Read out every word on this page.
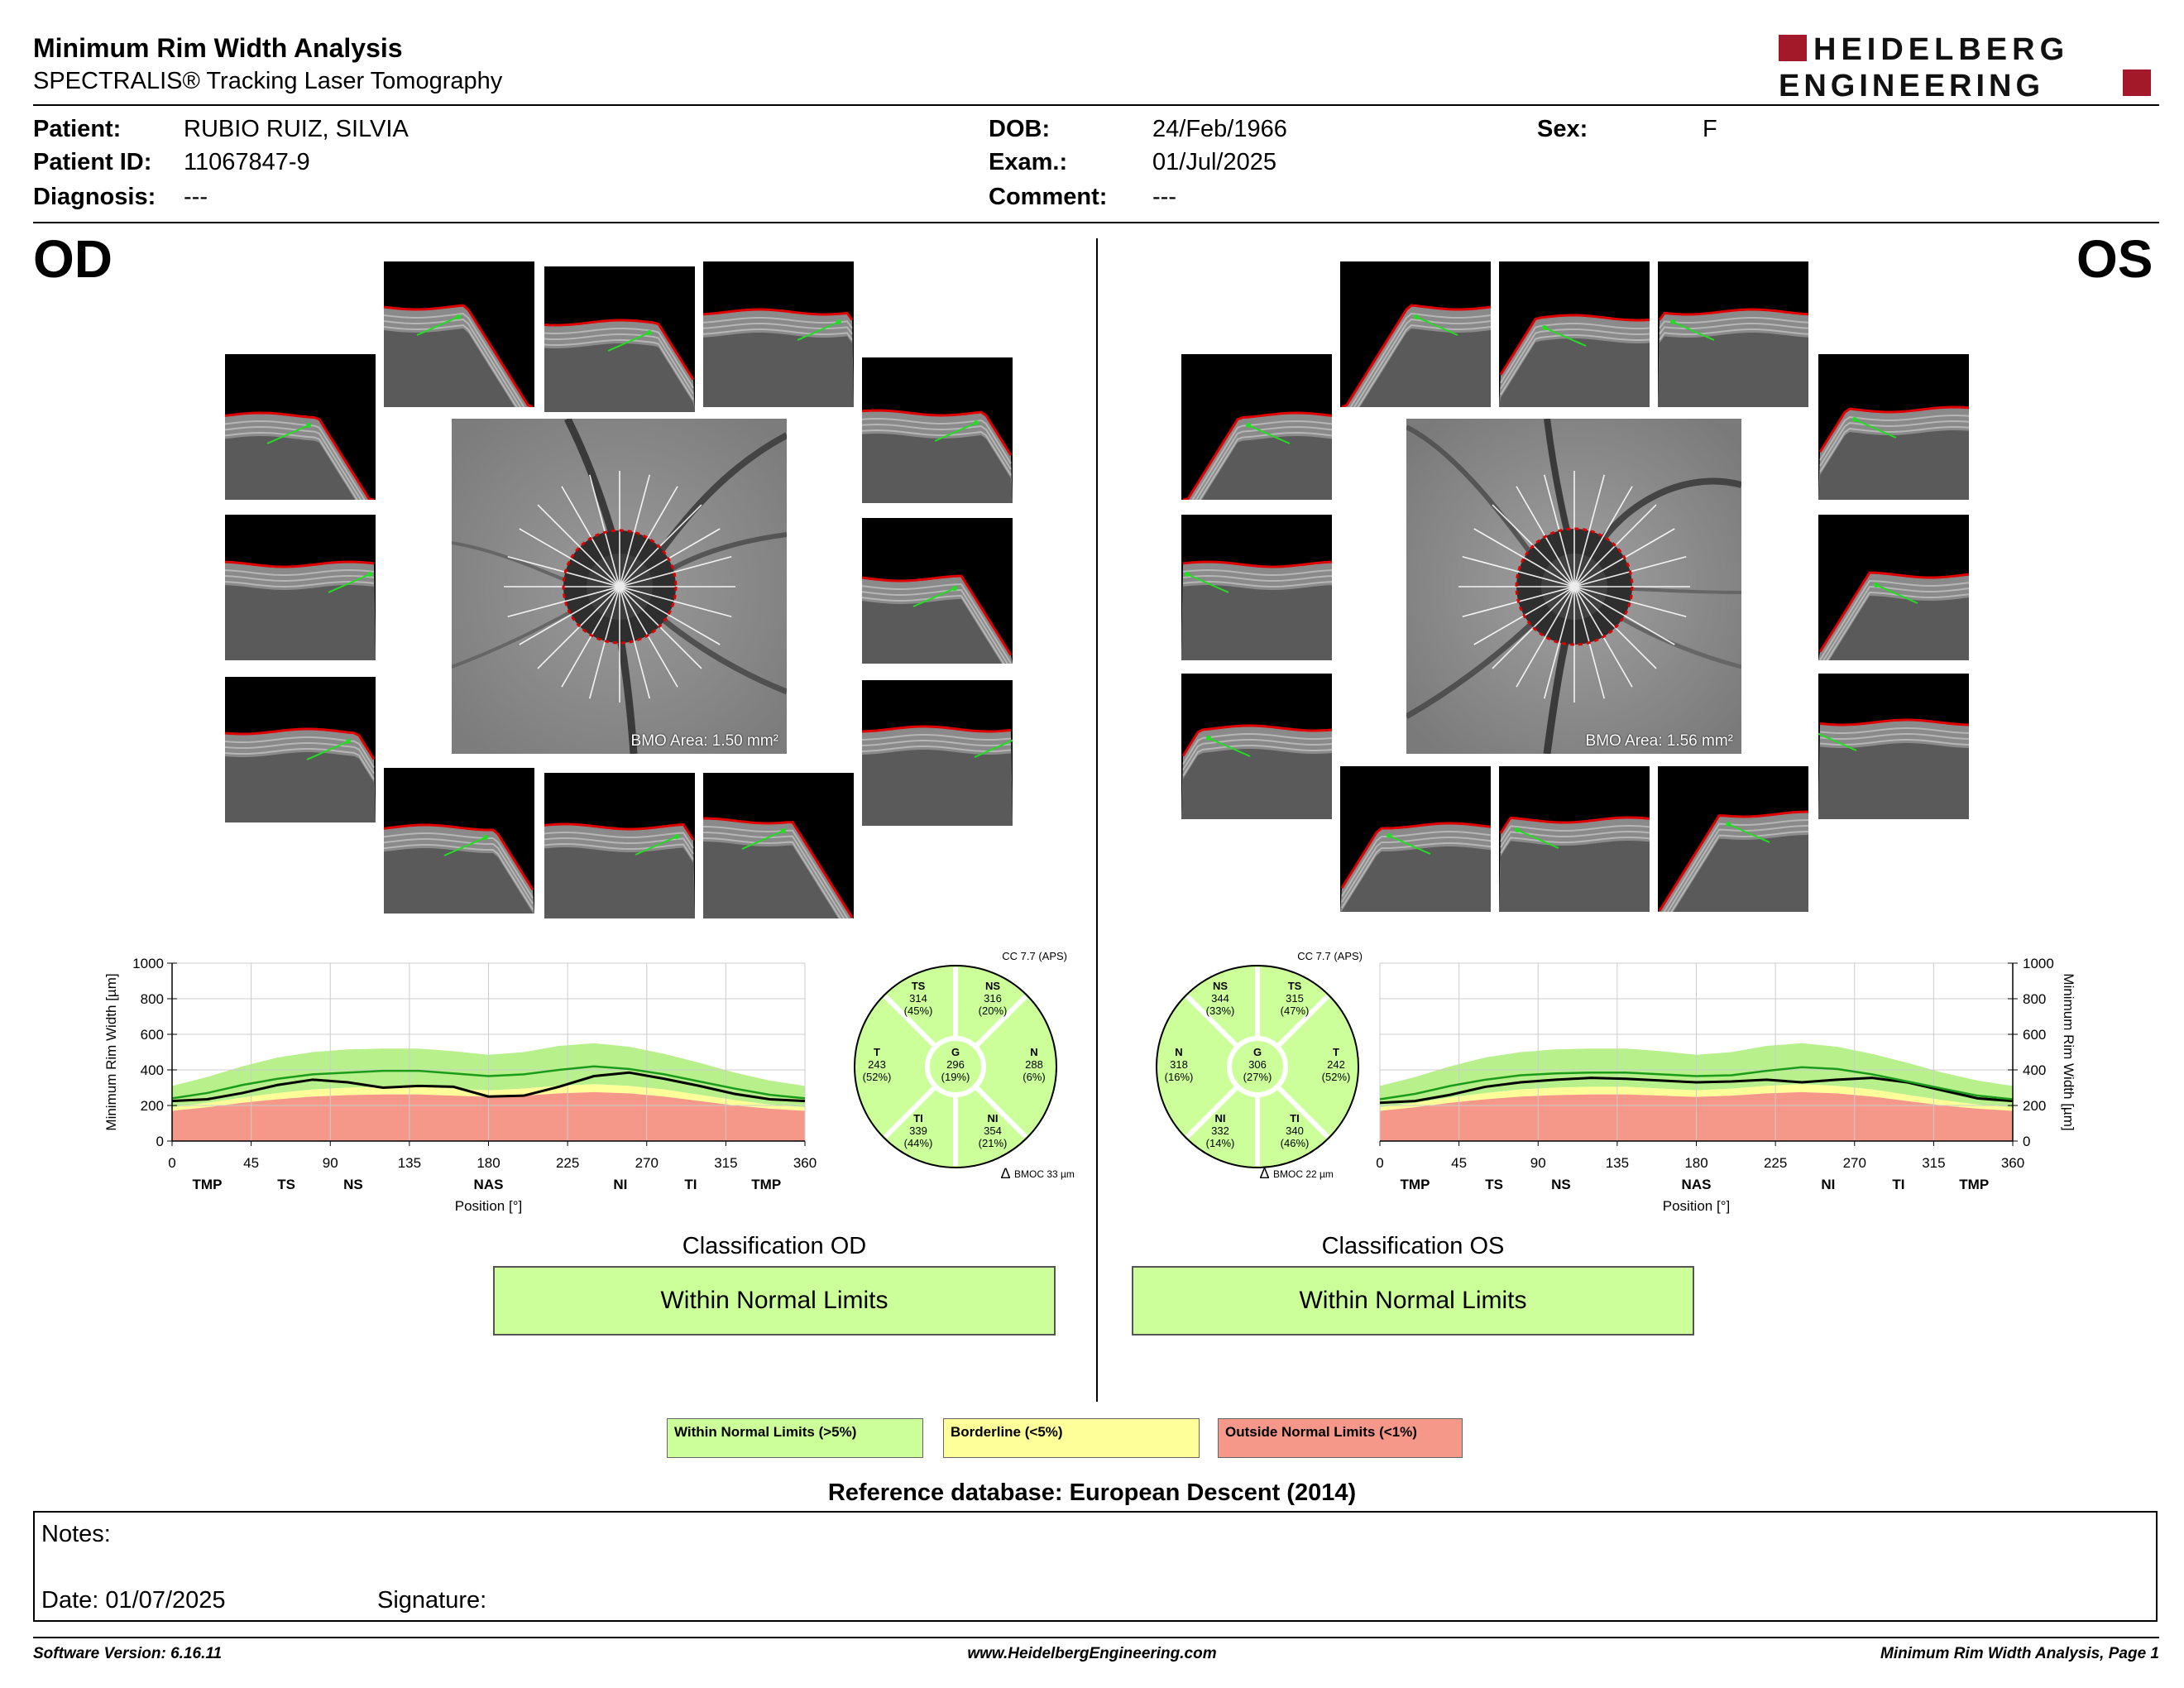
Minimum Rim Width Analysis
SPECTRALIS® Tracking Laser Tomography
HEIDELBERG
ENGINEERING
Patient:	RUBIO RUIZ, SILVIA
Patient ID: 11067847-9
Diagnosis: ---
DOB:	24/Feb/1966
Exam.:	01/Jul/2025
Comment: ---
Sex:	F
OD	OS
BMO Area: 1.50 mm²	BMO Area: 1.56 mm²
0
200
400
600
800
1000
0	45	90	135	180	225	270	315	360
TMP	TS	NS	NAS	NI	TI	TMP
Position [°]
Minimum Rim Width [µm]
0
200
400
600
800
1000
0	45	90	135	180	225	270	315	360
TMP	TS	NS	NAS	NI	TI	TMP
Position [°]
Minimum Rim Width [µm]
TS
314
(45%)
NS
316
(20%)
T
243
(52%)
G
296
(19%)
N
288
(6%)
TI
339
(44%)
NI
354
(21%)
CC 7.7 (APS)
∆ BMOC 33 µm
NS
344
(33%)
TS
315
(47%)
N
318
(16%)
G
306
(27%)
T
242
(52%)
NI
332
(14%)
TI
340
(46%)
CC 7.7 (APS)
∆ BMOC 22 µm
Classification OD
Within Normal Limits
Classification OS
Within Normal Limits
Within Normal Limits (>5%)	Borderline (<5%)	Outside Normal Limits (<1%)
Reference database: European Descent (2014)
Notes:
Date: 01/07/2025	Signature:
Software Version: 6.16.11	www.HeidelbergEngineering.com	Minimum Rim Width Analysis, Page 1
